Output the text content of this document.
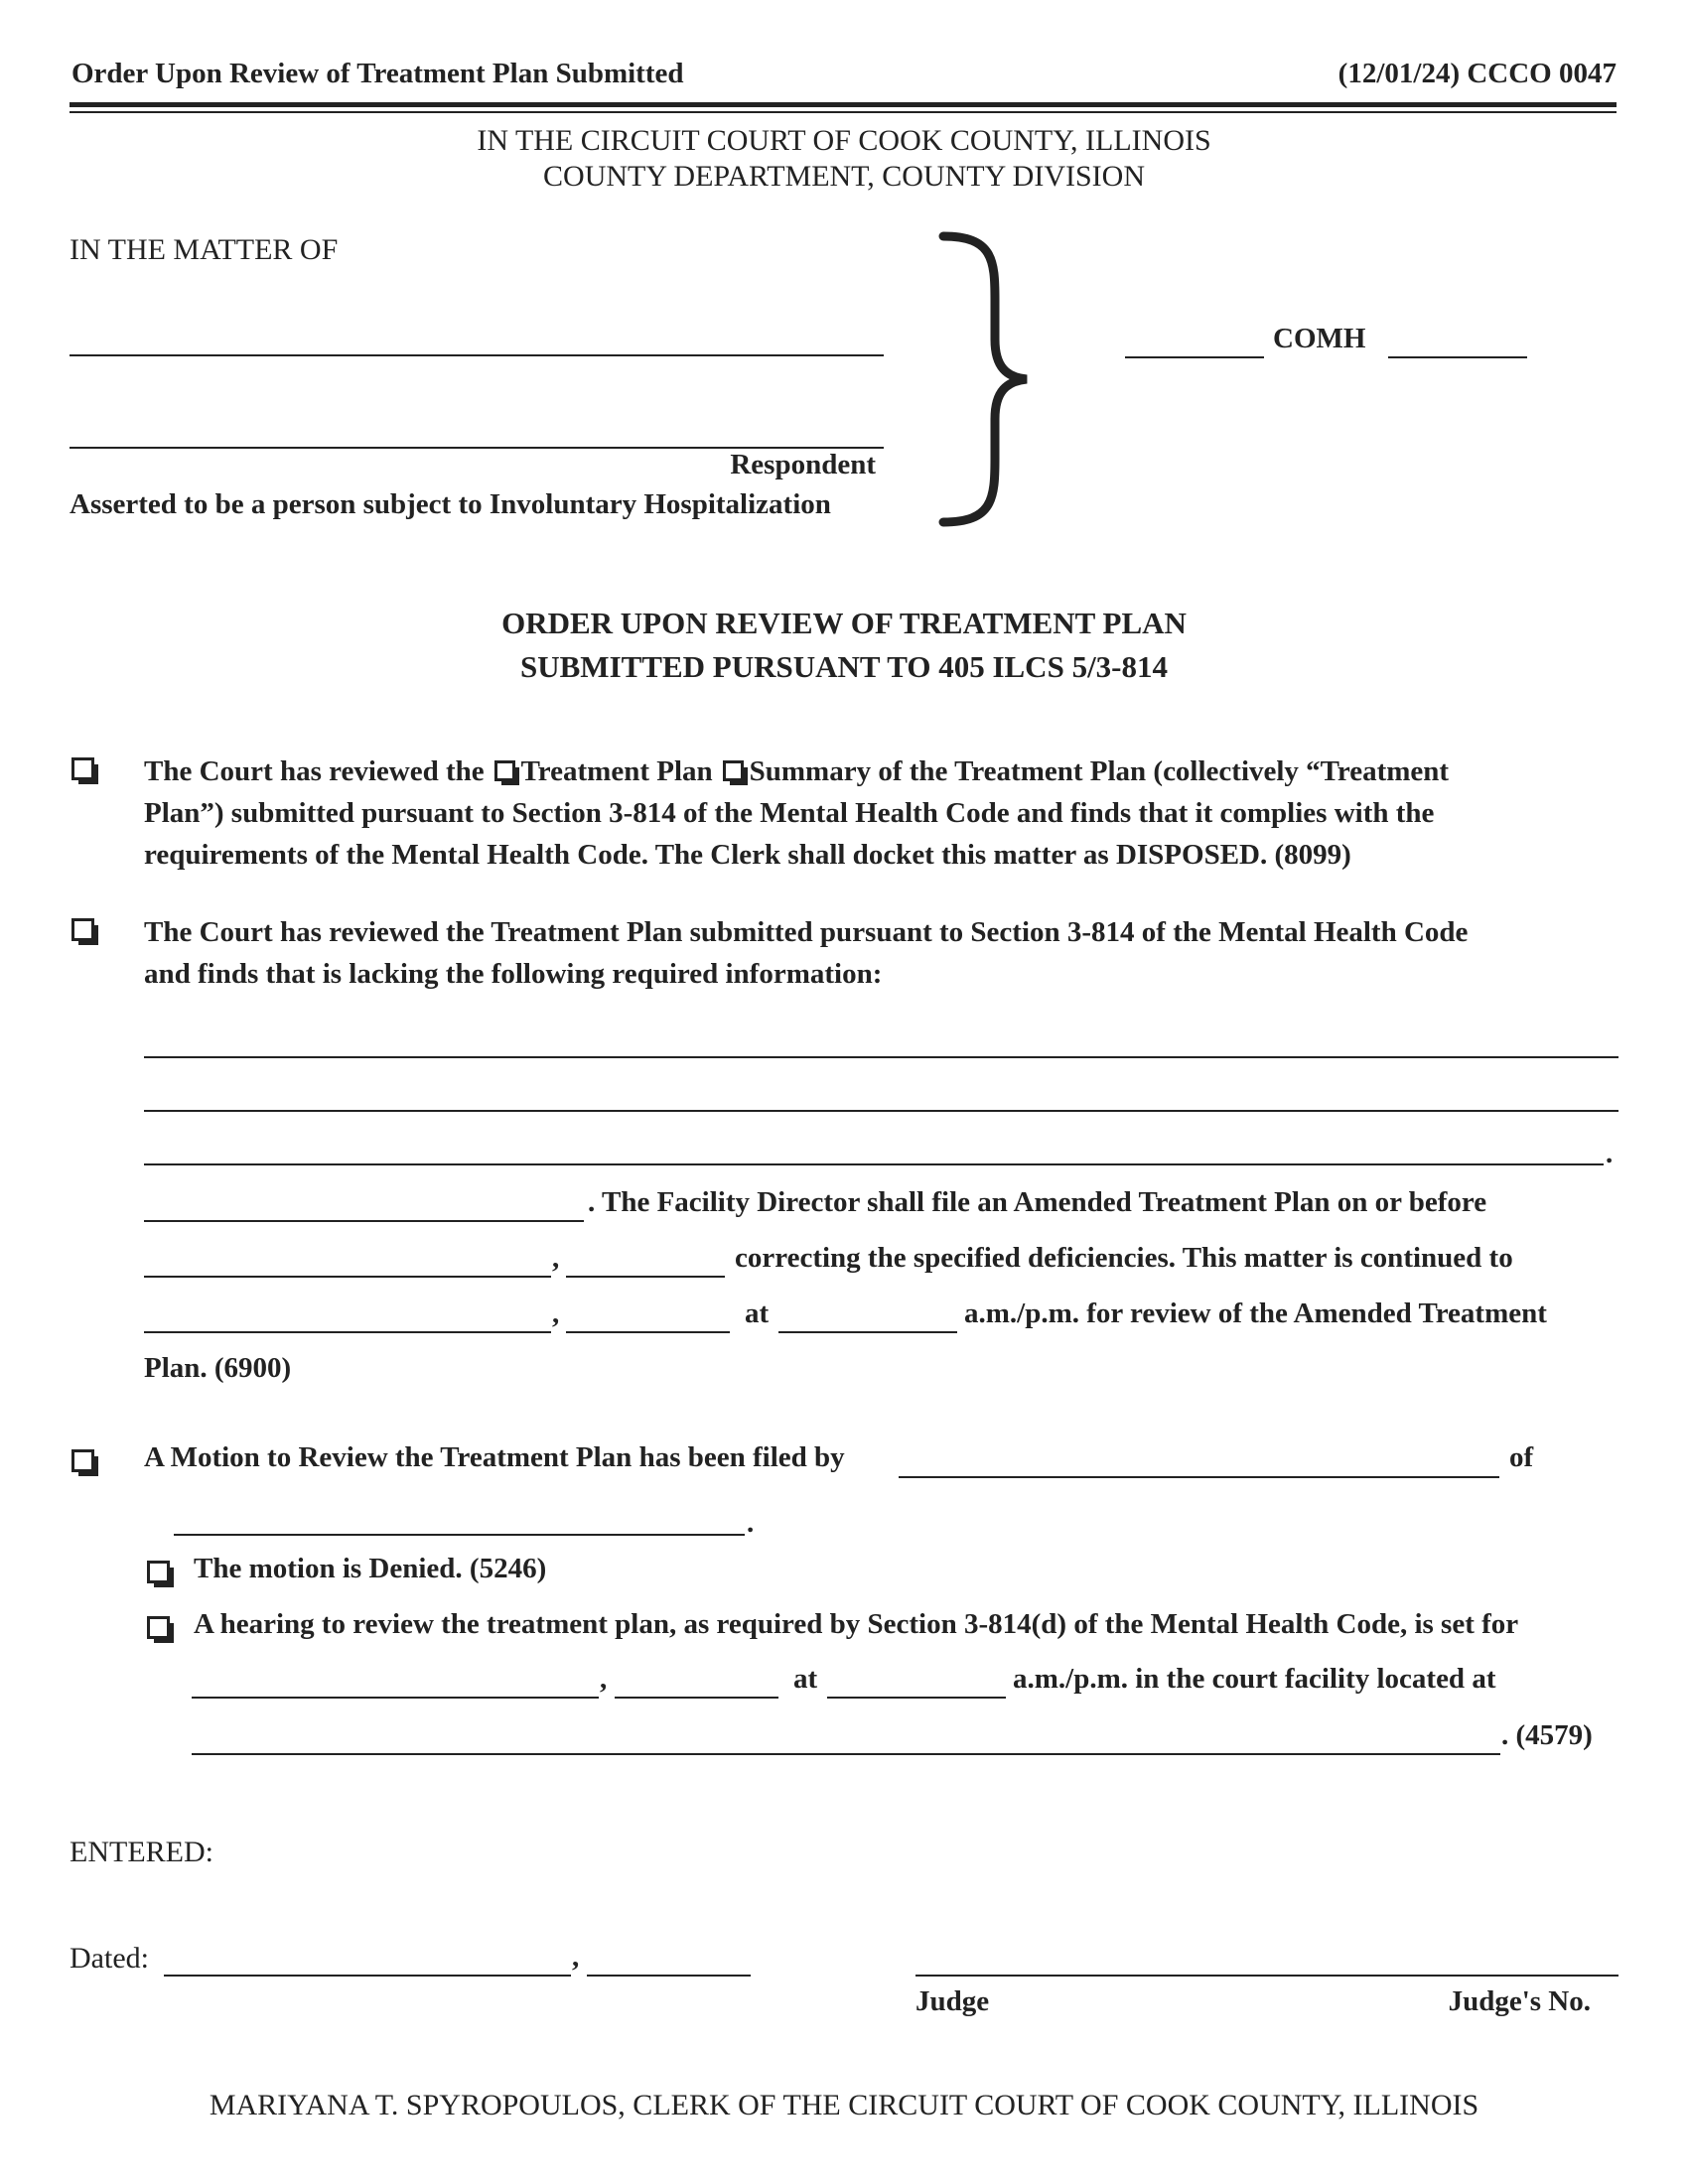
Order Upon Review of Treatment Plan Submitted	(12/01/24) CCCO 0047
IN THE CIRCUIT COURT OF COOK COUNTY, ILLINOIS
COUNTY DEPARTMENT, COUNTY DIVISION
IN THE MATTER OF
Respondent
Asserted to be a person subject to Involuntary Hospitalization
COMH
ORDER UPON REVIEW OF TREATMENT PLAN
SUBMITTED PURSUANT TO 405 ILCS 5/3-814
The Court has reviewed the Treatment Plan Summary of the Treatment Plan (collectively “Treatment
Plan”) submitted pursuant to Section 3-814 of the Mental Health Code and finds that it complies with the
requirements of the Mental Health Code. The Clerk shall docket this matter as DISPOSED. (8099)
The Court has reviewed the Treatment Plan submitted pursuant to Section 3-814 of the Mental Health Code
and finds that is lacking the following required information:
.
. The Facility Director shall file an Amended Treatment Plan on or before
,	correcting the specified deficiencies. This matter is continued to
,	at	a.m./p.m. for review of the Amended Treatment
Plan. (6900)
A Motion to Review the Treatment Plan has been filed by	of
.
The motion is Denied. (5246)
A hearing to review the treatment plan, as required by Section 3-814(d) of the Mental Health Code, is set for
,	at	a.m./p.m. in the court facility located at
. (4579)
ENTERED:
Dated:	,
Judge	Judge's No.
MARIYANA T. SPYROPOULOS, CLERK OF THE CIRCUIT COURT OF COOK COUNTY, ILLINOIS
